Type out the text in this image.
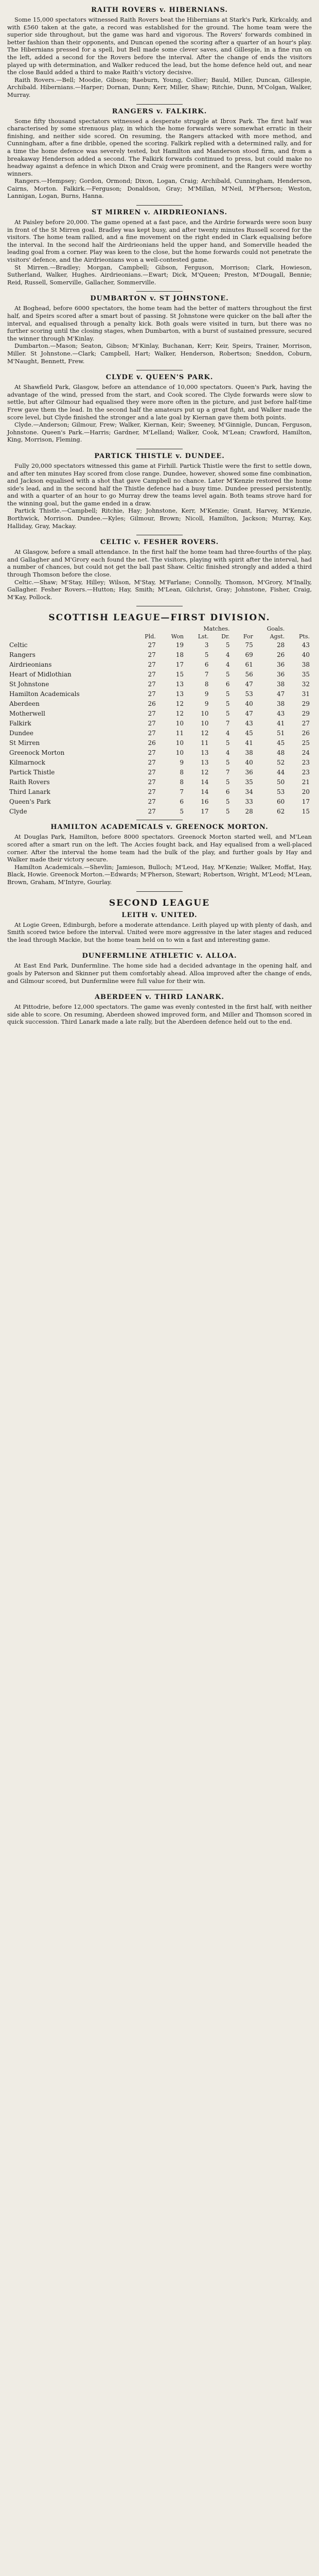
RAITH ROVERS v. HIBERNIANS.

Some 15,000 spectators witnessed Raith Rovers beat the Hibernians at Stark's Park, Kirkcaldy, and with £560 taken at the gate, a record was established for the ground. The home team were the superior side throughout, but the game was hard and vigorous. The Rovers' forwards combined in better fashion than their opponents, and Duncan opened the scoring after a quarter of an hour's play. The Hibernians pressed for a spell, but Bell made some clever saves, and Gillespie, in a fine run on the left, added a second for the Rovers before the interval. After the change of ends the visitors played up with determination, and Walker reduced the lead, but the home defence held out, and near the close Bauld added a third to make Raith's victory decisive.

Raith Rovers.—Bell; Moodie, Gibson; Raeburn, Young, Collier; Bauld, Miller, Duncan, Gillespie, Archibald. Hibernians.—Harper; Dornan, Dunn; Kerr, Miller, Shaw; Ritchie, Dunn, M'Colgan, Walker, Murray.

RANGERS v. FALKIRK.

Some fifty thousand spectators witnessed a desperate struggle at Ibrox Park. The first half was characterised by some strenuous play, in which the home forwards were somewhat erratic in their finishing, and neither side scored. On resuming, the Rangers attacked with more method, and Cunningham, after a fine dribble, opened the scoring. Falkirk replied with a determined rally, and for a time the home defence was severely tested, but Hamilton and Manderson stood firm, and from a breakaway Henderson added a second. The Falkirk forwards continued to press, but could make no headway against a defence in which Dixon and Craig were prominent, and the Rangers were worthy winners.

Rangers.—Hempsey; Gordon, Ormond; Dixon, Logan, Craig; Archibald, Cunningham, Henderson, Cairns, Morton. Falkirk.—Ferguson; Donaldson, Gray; M'Millan, M'Neil, M'Pherson; Weston, Lannigan, Logan, Burns, Hanna.

ST MIRREN v. AIRDRIEONIANS.

At Paisley before 20,000. The game opened at a fast pace, and the Airdrie forwards were soon busy in front of the St Mirren goal. Bradley was kept busy, and after twenty minutes Russell scored for the visitors. The home team rallied, and a fine movement on the right ended in Clark equalising before the interval. In the second half the Airdrieonians held the upper hand, and Somerville headed the leading goal from a corner. Play was keen to the close, but the home forwards could not penetrate the visitors' defence, and the Airdrieonians won a well-contested game.

St Mirren.—Bradley; Morgan, Campbell; Gibson, Ferguson, Morrison; Clark, Howieson, Sutherland, Walker, Hughes. Airdrieonians.—Ewart; Dick, M'Queen; Preston, M'Dougall, Bennie; Reid, Russell, Somerville, Gallacher, Sommerville.

DUMBARTON v. ST JOHNSTONE.

At Boghead, before 6000 spectators, the home team had the better of matters throughout the first half, and Speirs scored after a smart bout of passing. St Johnstone were quicker on the ball after the interval, and equalised through a penalty kick. Both goals were visited in turn, but there was no further scoring until the closing stages, when Dumbarton, with a burst of sustained pressure, secured the winner through M'Kinlay.

Dumbarton.—Mason; Seaton, Gibson; M'Kinlay, Buchanan, Kerr; Keir, Speirs, Trainer, Morrison, Miller. St Johnstone.—Clark; Campbell, Hart; Walker, Henderson, Robertson; Sneddon, Coburn, M'Naught, Bennett, Frew.

CLYDE v. QUEEN'S PARK.

At Shawfield Park, Glasgow, before an attendance of 10,000 spectators. Queen's Park, having the advantage of the wind, pressed from the start, and Cook scored. The Clyde forwards were slow to settle, but after Gilmour had equalised they were more often in the picture, and just before half-time Frew gave them the lead. In the second half the amateurs put up a great fight, and Walker made the score level, but Clyde finished the stronger and a late goal by Kiernan gave them both points.

Clyde.—Anderson; Gilmour, Frew; Walker, Kiernan, Keir; Sweeney, M'Ginnigle, Duncan, Ferguson, Johnstone. Queen's Park.—Harris; Gardner, M'Lelland; Walker, Cook, M'Lean; Crawford, Hamilton, King, Morrison, Fleming.

PARTICK THISTLE v. DUNDEE.

Fully 20,000 spectators witnessed this game at Firhill. Partick Thistle were the first to settle down, and after ten minutes Hay scored from close range. Dundee, however, showed some fine combination, and Jackson equalised with a shot that gave Campbell no chance. Later M'Kenzie restored the home side's lead, and in the second half the Thistle defence had a busy time. Dundee pressed persistently, and with a quarter of an hour to go Murray drew the teams level again. Both teams strove hard for the winning goal, but the game ended in a draw.

Partick Thistle.—Campbell; Ritchie, Hay; Johnstone, Kerr, M'Kenzie; Grant, Harvey, M'Kenzie, Borthwick, Morrison. Dundee.—Kyles; Gilmour, Brown; Nicoll, Hamilton, Jackson; Murray, Kay, Halliday, Gray, Mackay.

CELTIC v. FESHER ROVERS.

At Glasgow, before a small attendance. In the first half the home team had three-fourths of the play, and Gallagher and M'Grory each found the net. The visitors, playing with spirit after the interval, had a number of chances, but could not get the ball past Shaw. Celtic finished strongly and added a third through Thomson before the close.

Celtic.—Shaw; M'Stay, Hilley; Wilson, M'Stay, M'Farlane; Connolly, Thomson, M'Grory, M'Inally, Gallagher. Fesher Rovers.—Hutton; Hay, Smith; M'Lean, Gilchrist, Gray; Johnstone, Fisher, Craig, M'Kay, Pollock.

SCOTTISH LEAGUE—FIRST DIVISION.
	Matches.				Goals.		
	Pld.	Won	Lst.	Dr.	For	Agst.	Pts.
Celtic	27	19	3	5	75	28	43
Rangers	27	18	5	4	69	26	40
Airdrieonians	27	17	6	4	61	36	38
Heart of Midlothian	27	15	7	5	56	36	35
St Johnstone	27	13	8	6	47	38	32
Hamilton Academicals	27	13	9	5	53	47	31
Aberdeen	26	12	9	5	40	38	29
Motherwell	27	12	10	5	47	43	29
Falkirk	27	10	10	7	43	41	27
Dundee	27	11	12	4	45	51	26
St Mirren	26	10	11	5	41	45	25
Greenock Morton	27	10	13	4	38	48	24
Kilmarnock	27	9	13	5	40	52	23
Partick Thistle	27	8	12	7	36	44	23
Raith Rovers	27	8	14	5	35	50	21
Third Lanark	27	7	14	6	34	53	20
Queen's Park	27	6	16	5	33	60	17
Clyde	27	5	17	5	28	62	15
HAMILTON ACADEMICALS v. GREENOCK MORTON.

At Douglas Park, Hamilton, before 8000 spectators. Greenock Morton started well, and M'Lean scored after a smart run on the left. The Accies fought back, and Hay equalised from a well-placed corner. After the interval the home team had the bulk of the play, and further goals by Hay and Walker made their victory secure.

Hamilton Academicals.—Shevlin; Jamieson, Bulloch; M'Leod, Hay, M'Kenzie; Walker, Moffat, Hay, Black, Howie. Greenock Morton.—Edwards; M'Pherson, Stewart; Robertson, Wright, M'Leod; M'Lean, Brown, Graham, M'Intyre, Gourlay.

SECOND LEAGUE
LEITH v. UNITED.

At Logie Green, Edinburgh, before a moderate attendance. Leith played up with plenty of dash, and Smith scored twice before the interval. United were more aggressive in the later stages and reduced the lead through Mackie, but the home team held on to win a fast and interesting game.

DUNFERMLINE ATHLETIC v. ALLOA.

At East End Park, Dunfermline. The home side had a decided advantage in the opening half, and goals by Paterson and Skinner put them comfortably ahead. Alloa improved after the change of ends, and Gilmour scored, but Dunfermline were full value for their win.

ABERDEEN v. THIRD LANARK.

At Pittodrie, before 12,000 spectators. The game was evenly contested in the first half, with neither side able to score. On resuming, Aberdeen showed improved form, and Miller and Thomson scored in quick succession. Third Lanark made a late rally, but the Aberdeen defence held out to the end.
